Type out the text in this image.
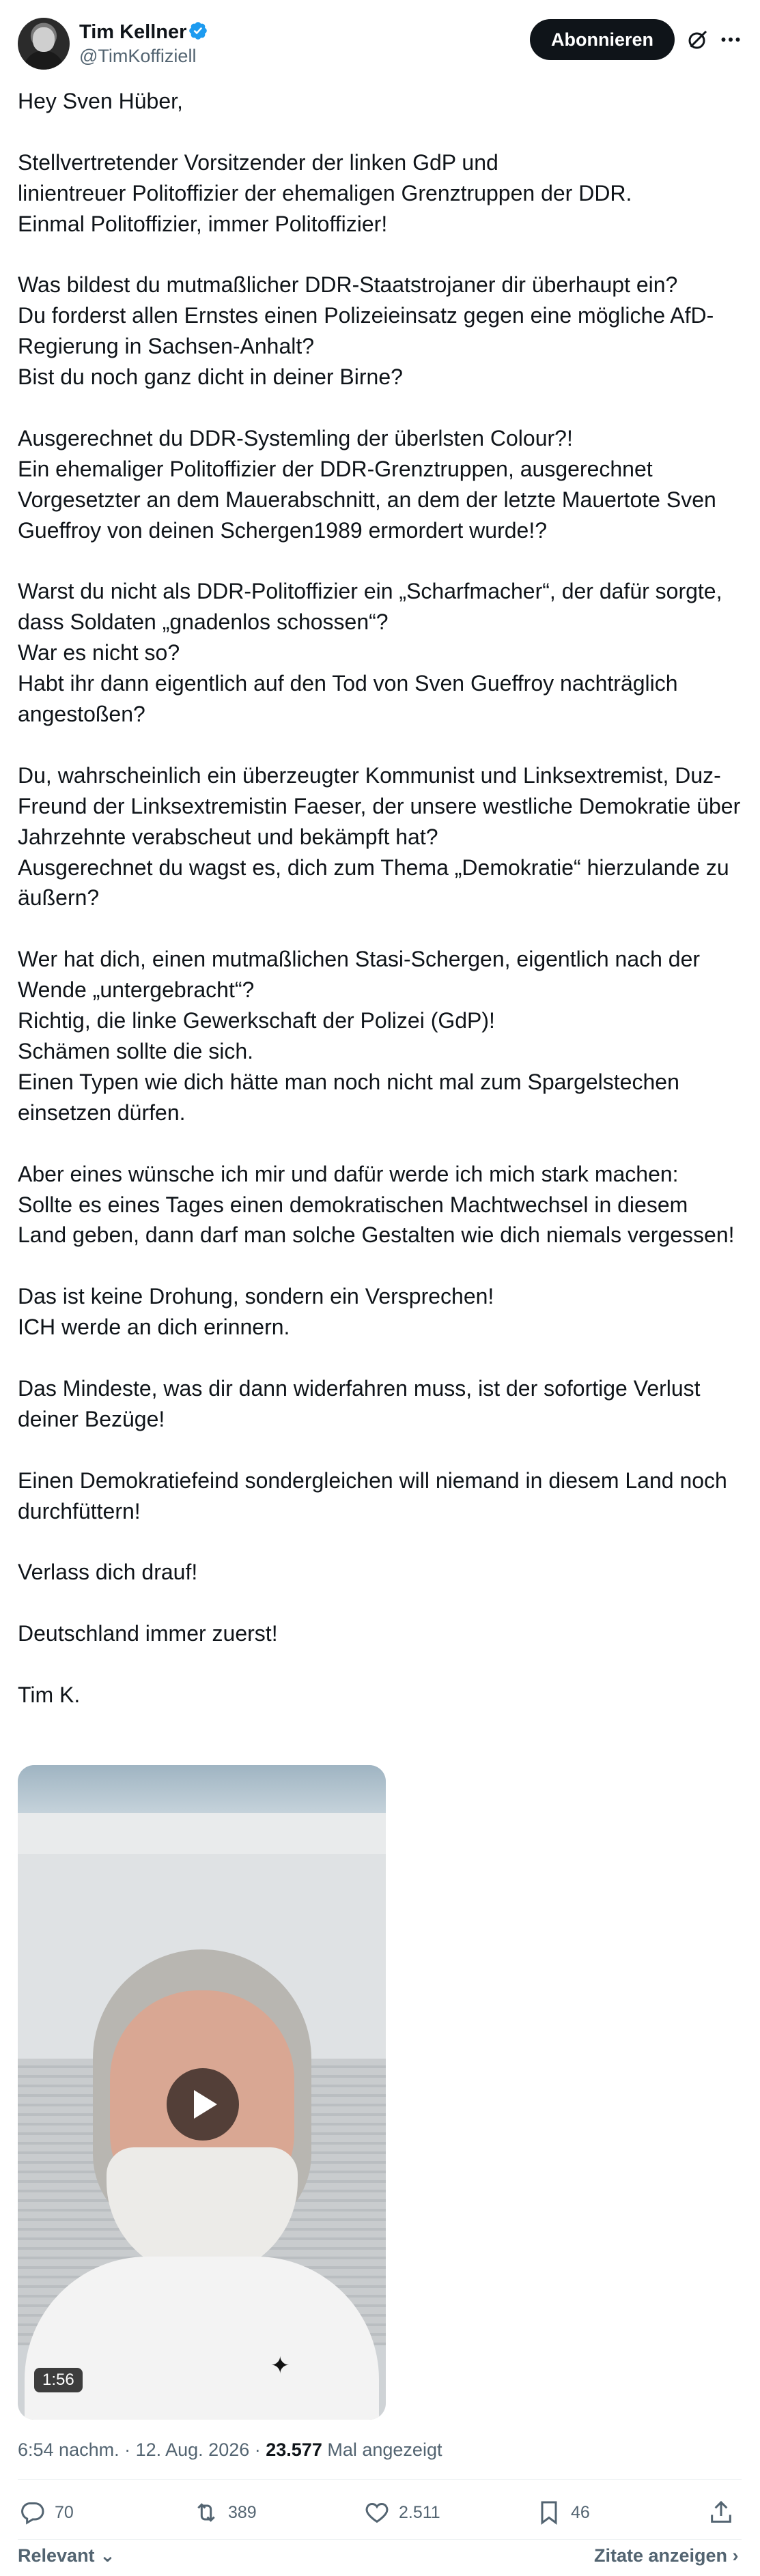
Tim Kellner
@TimKoffiziell
Abonnieren

Hey Sven Hüber,

Stellvertretender Vorsitzender der linken GdP und
linientreuer Politoffizier der ehemaligen Grenztruppen der DDR.
Einmal Politoffizier, immer Politoffizier!

Was bildest du mutmaßlicher DDR-Staatstrojaner dir überhaupt ein?
Du forderst allen Ernstes einen Polizeieinsatz gegen eine mögliche AfD-Regierung in Sachsen-Anhalt?
Bist du noch ganz dicht in deiner Birne?

Ausgerechnet du DDR-Systemling der überlsten Colour?!
Ein ehemaliger Politoffizier der DDR-Grenztruppen, ausgerechnet Vorgesetzter an dem Mauerabschnitt, an dem der letzte Mauertote Sven Gueffroy von deinen Schergen1989 ermordert wurde!?

Warst du nicht als DDR-Politoffizier ein „Scharfmacher“, der dafür sorgte, dass Soldaten „gnadenlos schossen“?
War es nicht so?
Habt ihr dann eigentlich auf den Tod von Sven Gueffroy nachträglich angestoßen?

Du, wahrscheinlich ein überzeugter Kommunist und Linksextremist, Duz-Freund der Linksextremistin Faeser, der unsere westliche Demokratie über Jahrzehnte verabscheut und bekämpft hat?
Ausgerechnet du wagst es, dich zum Thema „Demokratie“ hierzulande zu äußern?

Wer hat dich, einen mutmaßlichen Stasi-Schergen, eigentlich nach der Wende „untergebracht“?
Richtig, die linke Gewerkschaft der Polizei (GdP)!
Schämen sollte die sich.
Einen Typen wie dich hätte man noch nicht mal zum Spargelstechen einsetzen dürfen.

Aber eines wünsche ich mir und dafür werde ich mich stark machen:
Sollte es eines Tages einen demokratischen Machtwechsel in diesem Land geben, dann darf man solche Gestalten wie dich niemals vergessen!

Das ist keine Drohung, sondern ein Versprechen!
ICH werde an dich erinnern.

Das Mindeste, was dir dann widerfahren muss, ist der sofortige Verlust deiner Bezüge!

Einen Demokratiefeind sondergleichen will niemand in diesem Land noch durchfüttern!

Verlass dich drauf!

Deutschland immer zuerst!

Tim K.

✦
1:56
6:54 nachm. · 12. Aug. 2026 · 23.577 Mal angezeigt
70	389	2.511	46
Relevant ⌄	Zitate anzeigen ›
